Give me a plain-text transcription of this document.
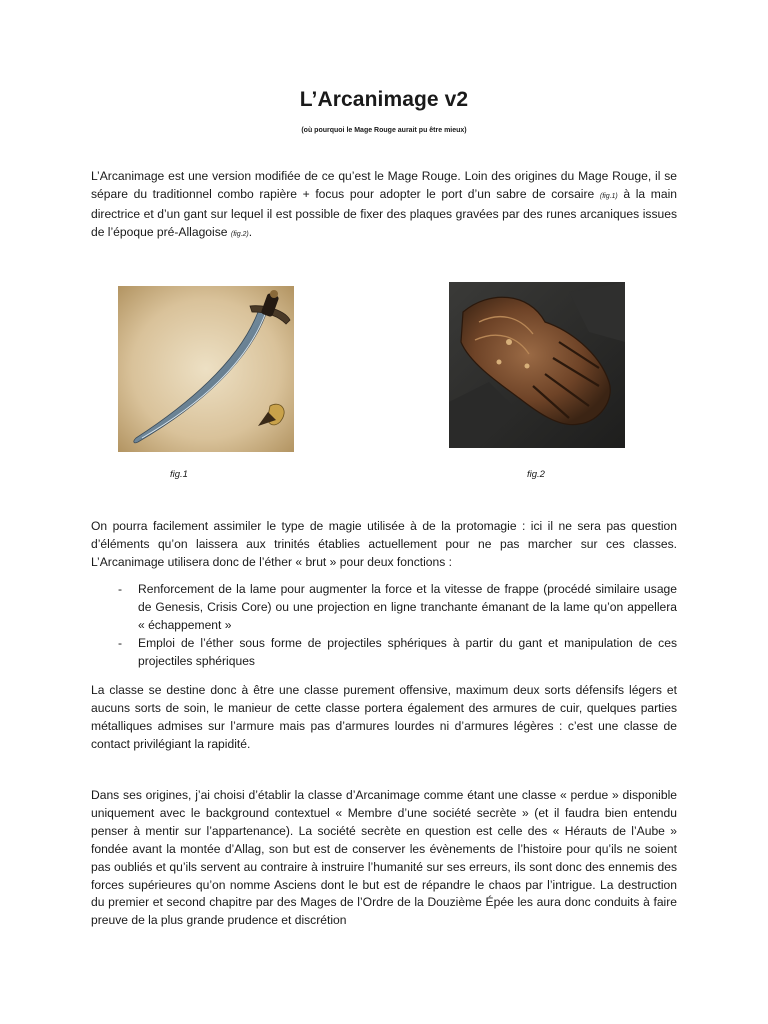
L’Arcanimage v2
(où pourquoi le Mage Rouge aurait pu être mieux)

L’Arcanimage est une version modifiée de ce qu’est le Mage Rouge. Loin des origines du Mage Rouge, il se sépare du traditionnel combo rapière + focus pour adopter le port d’un sabre de corsaire (fig.1) à la main directrice et d’un gant sur lequel il est possible de fixer des plaques gravées par des runes arcaniques issues de l’époque pré-Allagoise (fig.2).

fig.1	fig.2

On pourra facilement assimiler le type de magie utilisée à de la protomagie : ici il ne sera pas question d’éléments qu’on laissera aux trinités établies actuellement pour ne pas marcher sur ces classes. L’Arcanimage utilisera donc de l’éther « brut » pour deux fonctions :

- Renforcement de la lame pour augmenter la force et la vitesse de frappe (procédé similaire usage de Genesis, Crisis Core) ou une projection en ligne tranchante émanant de la lame qu’on appellera « échappement »
- Emploi de l’éther sous forme de projectiles sphériques à partir du gant et manipulation de ces projectiles sphériques

La classe se destine donc à être une classe purement offensive, maximum deux sorts défensifs légers et aucuns sorts de soin, le manieur de cette classe portera également des armures de cuir, quelques parties métalliques admises sur l’armure mais pas d’armures lourdes ni d’armures légères : c’est une classe de contact privilégiant la rapidité.

Dans ses origines, j’ai choisi d’établir la classe d’Arcanimage comme étant une classe « perdue » disponible uniquement avec le background contextuel « Membre d’une société secrète » (et il faudra bien entendu penser à mentir sur l’appartenance). La société secrète en question est celle des « Hérauts de l’Aube » fondée avant la montée d’Allag, son but est de conserver les évènements de l’histoire pour qu’ils ne soient pas oubliés et qu’ils servent au contraire à instruire l’humanité sur ses erreurs, ils sont donc des ennemis des forces supérieures qu’on nomme Asciens dont le but est de répandre le chaos par l’intrigue. La destruction du premier et second chapitre par des Mages de l’Ordre de la Douzième Épée les aura donc conduits à faire preuve de la plus grande prudence et discrétion
